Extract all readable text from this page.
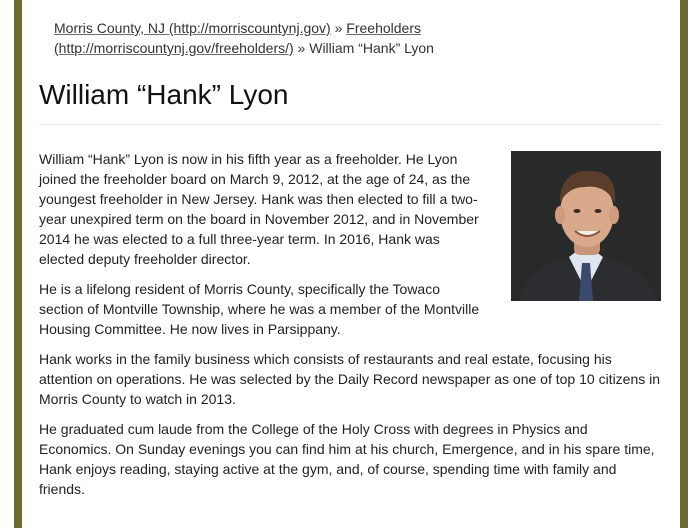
Morris County, NJ (http://morriscountynj.gov) » Freeholders (http://morriscountynj.gov/freeholders/) » William “Hank” Lyon
William “Hank” Lyon

William “Hank” Lyon is now in his fifth year as a freeholder. He Lyon joined the freeholder board on March 9, 2012, at the age of 24, as the youngest freeholder in New Jersey. Hank was then elected to fill a two-year unexpired term on the board in November 2012, and in November 2014 he was elected to a full three-year term. In 2016, Hank was elected deputy freeholder director.

He is a lifelong resident of Morris County, specifically the Towaco section of Montville Township, where he was a member of the Montville Housing Committee. He now lives in Parsippany.

Hank works in the family business which consists of restaurants and real estate, focusing his attention on operations. He was selected by the Daily Record newspaper as one of top 10 citizens in Morris County to watch in 2013.

He graduated cum laude from the College of the Holy Cross with degrees in Physics and Economics. On Sunday evenings you can find him at his church, Emergence, and in his spare time, Hank enjoys reading, staying active at the gym, and, of course, spending time with family and friends.
